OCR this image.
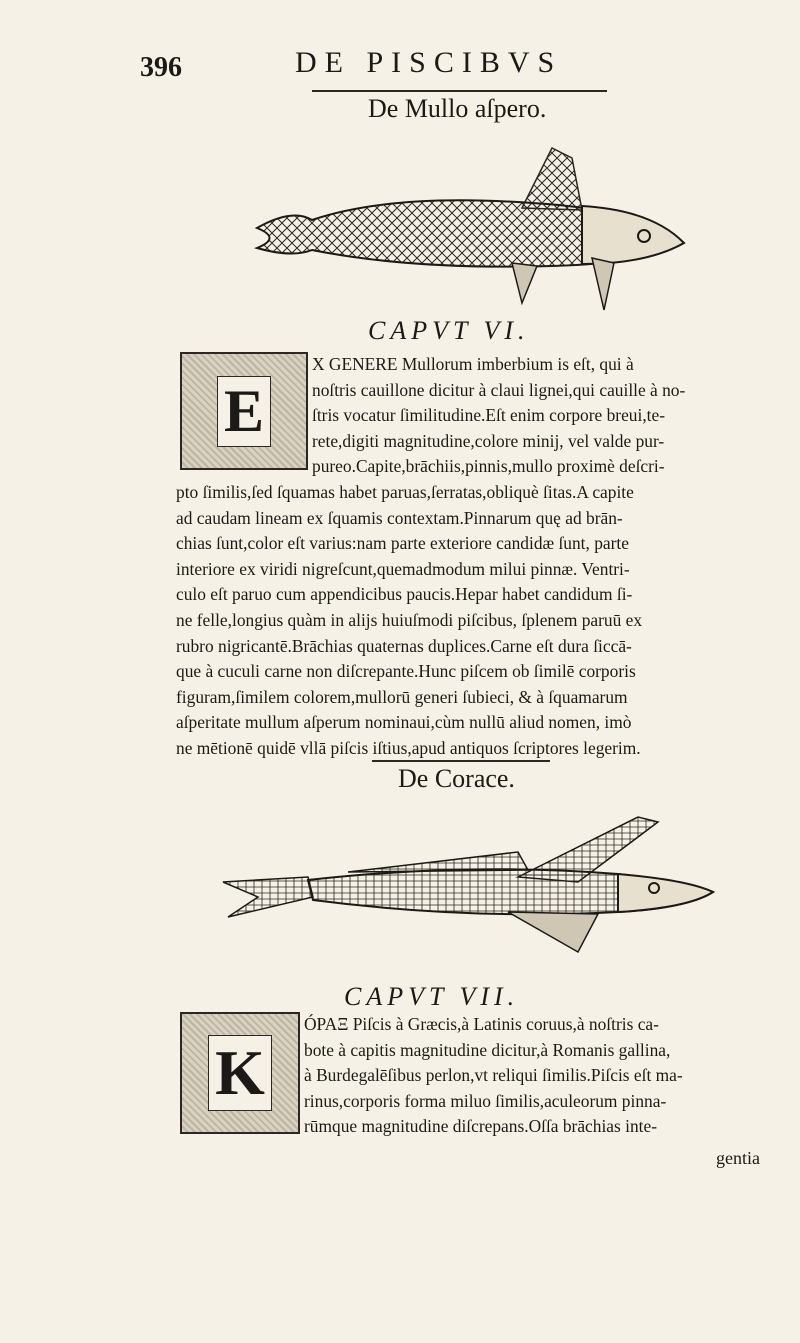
396	DE PISCIBVS
De Mullo aſpero.
CAPVT VI.
E
X GENERE Mullorum imberbium is eſt, qui à
noſtris cauillone dicitur à claui lignei,qui cauille à no-
ſtris vocatur ſimilitudine.Eſt enim corpore breui,te-
rete,digiti magnitudine,colore minij, vel valde pur-
pureo.Capite,brāchiis,pinnis,mullo proximè deſcri-
pto ſimilis,ſed ſquamas habet paruas,ſerratas,obliquè ſitas.A capite
ad caudam lineam ex ſquamis contextam.Pinnarum quę ad brān-
chias ſunt,color eſt varius:nam parte exteriore candidæ ſunt, parte
interiore ex viridi nigreſcunt,quemadmodum milui pinnæ. Ventri-
culo eſt paruo cum appendicibus paucis.Hepar habet candidum ſi-
ne felle,longius quàm in alijs huiuſmodi piſcibus, ſplenem paruū ex
rubro nigricantē.Brāchias quaternas duplices.Carne eſt dura ſiccā-
que à cuculi carne non diſcrepante.Hunc piſcem ob ſimilē corporis
figuram,ſimilem colorem,mullorū generi ſubieci, & à ſquamarum
aſperitate mullum aſperum nominaui,cùm nullū aliud nomen, imò
ne mētionē quidē vllā piſcis iſtius,apud antiquos ſcriptores legerim.
De Corace.
CAPVT VII.
K
ÓPAΞ Piſcis à Græcis,à Latinis coruus,à noſtris ca-
bote à capitis magnitudine dicitur,à Romanis gallina,
à Burdegalēſibus perlon,vt reliqui ſimilis.Piſcis eſt ma-
rinus,corporis forma miluo ſimilis,aculeorum pinna-
rūmque magnitudine diſcrepans.Oſſa brāchias inte-
gentia
